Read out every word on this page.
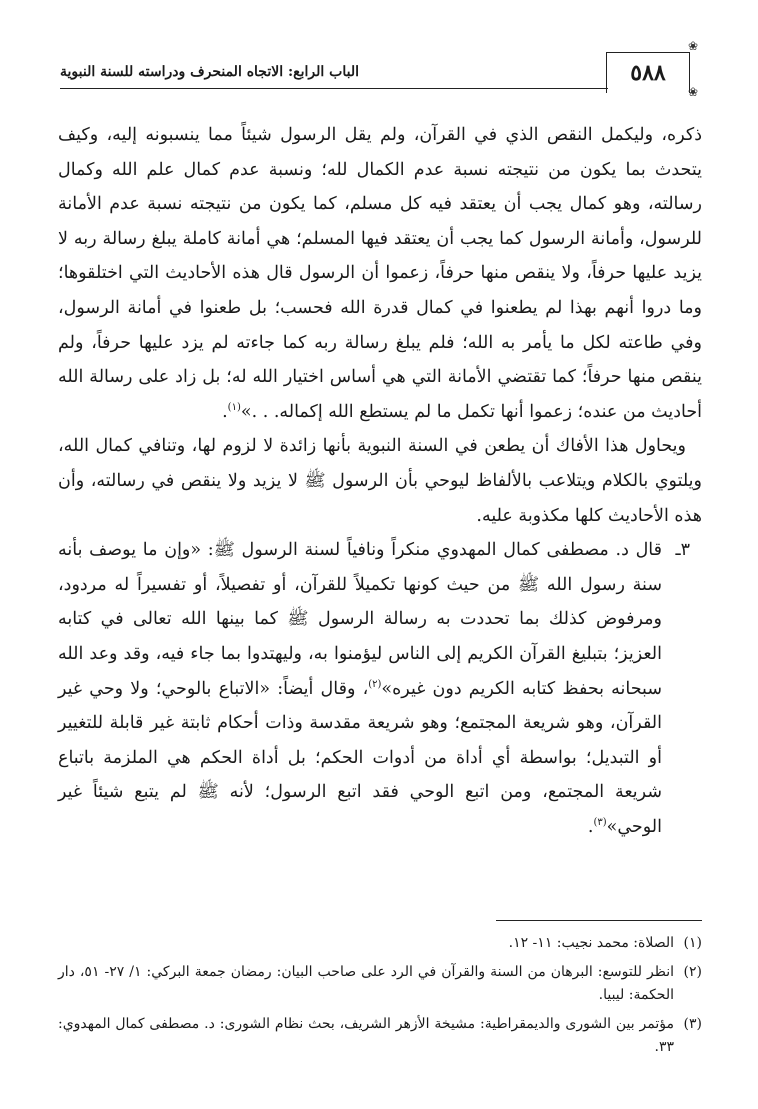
٥٨٨
❀
❀
الباب الرابع: الاتجاه المنحرف ودراسته للسنة النبوية

ذكره، وليكمل النقص الذي في القرآن، ولم يقل الرسول شيئاً مما ينسبونه إليه، وكيف يتحدث بما يكون من نتيجته نسبة عدم الكمال لله؛ ونسبة عدم كمال علم الله وكمال رسالته، وهو كمال يجب أن يعتقد فيه كل مسلم، كما يكون من نتيجته نسبة عدم الأمانة للرسول، وأمانة الرسول كما يجب أن يعتقد فيها المسلم؛ هي أمانة كاملة يبلغ رسالة ربه لا يزيد عليها حرفاً، ولا ينقص منها حرفاً، زعموا أن الرسول قال هذه الأحاديث التي اختلقوها؛ وما دروا أنهم بهذا لم يطعنوا في كمال قدرة الله فحسب؛ بل طعنوا في أمانة الرسول، وفي طاعته لكل ما يأمر به الله؛ فلم يبلغ رسالة ربه كما جاءته لم يزد عليها حرفاً، ولم ينقص منها حرفاً؛ كما تقتضي الأمانة التي هي أساس اختيار الله له؛ بل زاد على رسالة الله أحاديث من عنده؛ زعموا أنها تكمل ما لم يستطع الله إكماله. . .»$^{(١)}$.

ويحاول هذا الأفاك أن يطعن في السنة النبوية بأنها زائدة لا لزوم لها، وتنافي كمال الله، ويلتوي بالكلام ويتلاعب بالألفاظ ليوحي بأن الرسول ﷺ لا يزيد ولا ينقص في رسالته، وأن هذه الأحاديث كلها مكذوبة عليه.

٣ـ
قال د. مصطفى كمال المهدوي منكراً ونافياً لسنة الرسول ﷺ: «وإن ما يوصف بأنه سنة رسول الله ﷺ من حيث كونها تكميلاً للقرآن، أو تفصيلاً، أو تفسيراً له مردود، ومرفوض كذلك بما تحددت به رسالة الرسول ﷺ كما بينها الله تعالى في كتابه العزيز؛ بتبليغ القرآن الكريم إلى الناس ليؤمنوا به، وليهتدوا بما جاء فيه، وقد وعد الله سبحانه بحفظ كتابه الكريم دون غيره»$^{(٢)}$، وقال أيضاً: «الاتباع بالوحي؛ ولا وحي غير القرآن، وهو شريعة المجتمع؛ وهو شريعة مقدسة وذات أحكام ثابتة غير قابلة للتغيير أو التبديل؛ بواسطة أي أداة من أدوات الحكم؛ بل أداة الحكم هي الملزمة باتباع شريعة المجتمع، ومن اتبع الوحي فقد اتبع الرسول؛ لأنه ﷺ لم يتبع شيئاً غير الوحي»$^{(٣)}$.

(١)
الصلاة: محمد نجيب: ١١- ١٢.

(٢)
انظر للتوسع: البرهان من السنة والقرآن في الرد على صاحب البيان: رمضان جمعة البركي: ١/ ٢٧- ٥١، دار الحكمة: ليبيا.

(٣)
مؤتمر بين الشورى والديمقراطية: مشيخة الأزهر الشريف، بحث نظام الشورى: د. مصطفى كمال المهدوي: ٣٣.
